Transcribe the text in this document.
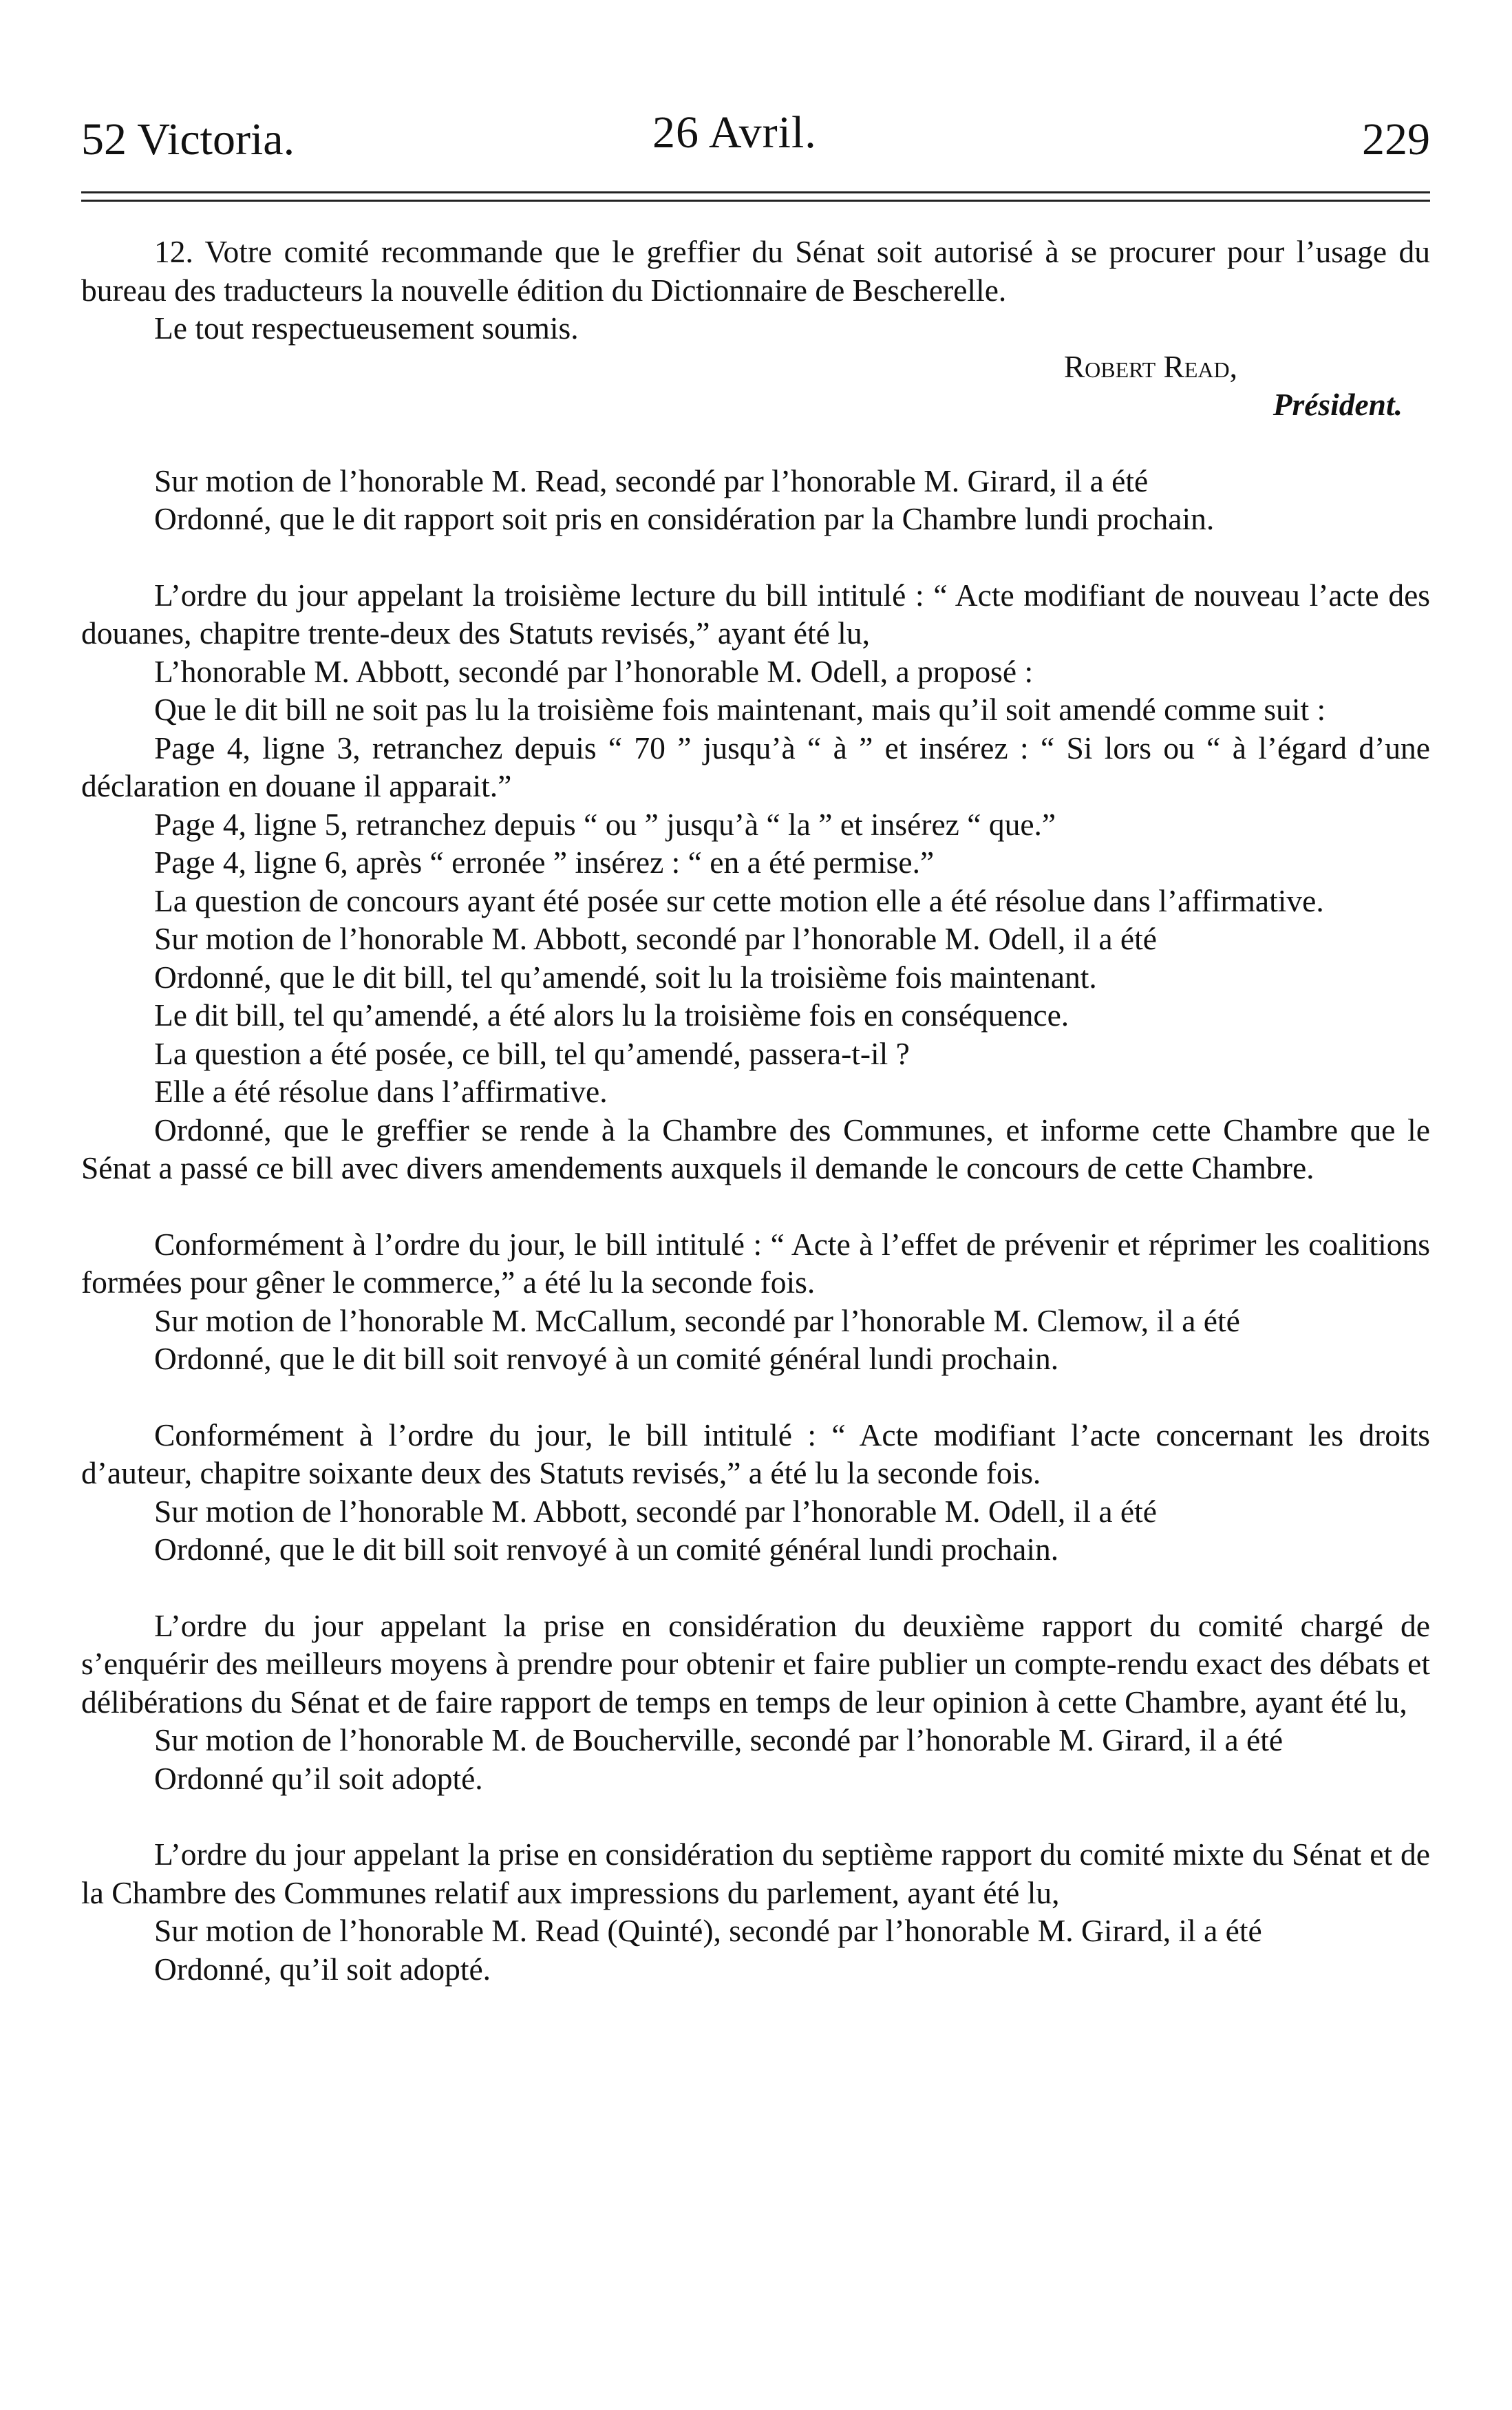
52 Victoria.	26 Avril.	229

12. Votre comité recommande que le greffier du Sénat soit autorisé à se procurer pour l’usage du bureau des traducteurs la nouvelle édition du Dictionnaire de Bescherelle.

Le tout respectueusement soumis.

Robert Read,

Président.

Sur motion de l’honorable M. Read, secondé par l’honorable M. Girard, il a été

Ordonné, que le dit rapport soit pris en considération par la Chambre lundi prochain.

L’ordre du jour appelant la troisième lecture du bill intitulé : “ Acte modifiant de nouveau l’acte des douanes, chapitre trente-deux des Statuts revisés,” ayant été lu,

L’honorable M. Abbott, secondé par l’honorable M. Odell, a proposé :

Que le dit bill ne soit pas lu la troisième fois maintenant, mais qu’il soit amendé comme suit :

Page 4, ligne 3, retranchez depuis “ 70 ” jusqu’à “ à ” et insérez : “ Si lors ou “ à l’égard d’une déclaration en douane il apparait.”

Page 4, ligne 5, retranchez depuis “ ou ” jusqu’à “ la ” et insérez “ que.”

Page 4, ligne 6, après “ erronée ” insérez : “ en a été permise.”

La question de concours ayant été posée sur cette motion elle a été résolue dans l’affirmative.

Sur motion de l’honorable M. Abbott, secondé par l’honorable M. Odell, il a été

Ordonné, que le dit bill, tel qu’amendé, soit lu la troisième fois maintenant.

Le dit bill, tel qu’amendé, a été alors lu la troisième fois en conséquence.

La question a été posée, ce bill, tel qu’amendé, passera-t-il ?

Elle a été résolue dans l’affirmative.

Ordonné, que le greffier se rende à la Chambre des Communes, et informe cette Chambre que le Sénat a passé ce bill avec divers amendements auxquels il demande le concours de cette Chambre.

Conformément à l’ordre du jour, le bill intitulé : “ Acte à l’effet de prévenir et réprimer les coalitions formées pour gêner le commerce,” a été lu la seconde fois.

Sur motion de l’honorable M. McCallum, secondé par l’honorable M. Clemow, il a été

Ordonné, que le dit bill soit renvoyé à un comité général lundi prochain.

Conformément à l’ordre du jour, le bill intitulé : “ Acte modifiant l’acte concernant les droits d’auteur, chapitre soixante deux des Statuts revisés,” a été lu la seconde fois.

Sur motion de l’honorable M. Abbott, secondé par l’honorable M. Odell, il a été

Ordonné, que le dit bill soit renvoyé à un comité général lundi prochain.

L’ordre du jour appelant la prise en considération du deuxième rapport du comité chargé de s’enquérir des meilleurs moyens à prendre pour obtenir et faire publier un compte-rendu exact des débats et délibérations du Sénat et de faire rapport de temps en temps de leur opinion à cette Chambre, ayant été lu,

Sur motion de l’honorable M. de Boucherville, secondé par l’honorable M. Girard, il a été

Ordonné qu’il soit adopté.

L’ordre du jour appelant la prise en considération du septième rapport du comité mixte du Sénat et de la Chambre des Communes relatif aux impressions du parlement, ayant été lu,

Sur motion de l’honorable M. Read (Quinté), secondé par l’honorable M. Girard, il a été

Ordonné, qu’il soit adopté.
